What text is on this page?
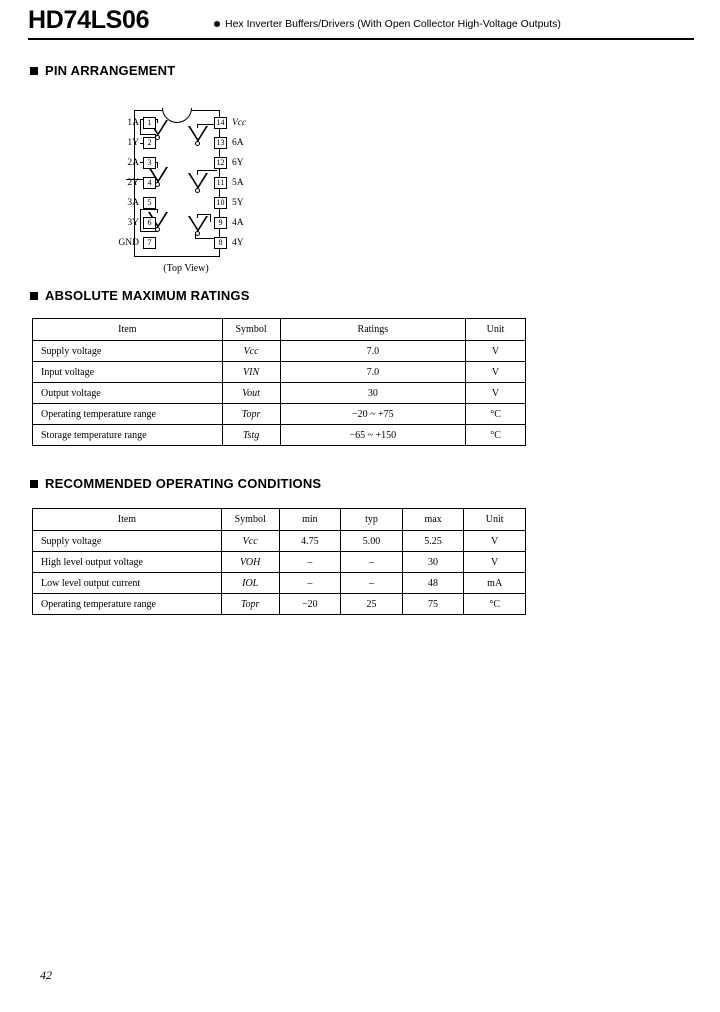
HD74LS06	Hex Inverter Buffers/Drivers (With Open Collector High-Voltage Outputs)
PIN ARRANGEMENT
1A	1
1Y	2
2A	3
2Y	4
3A	5
3Y	6
GND	7
14 Vcc
13 6A
12 6Y
11 5A
10 5Y
9	4A
8	4Y
(Top View)
ABSOLUTE MAXIMUM RATINGS
Item	Symbol	Ratings	Unit
Supply voltage	Vcc	7.0	V
Input voltage	VIN	7.0	V
Output voltage	Vout	30	V
Operating temperature range	Topr	−20 ~ +75	°C
Storage temperature range	Tstg	−65 ~ +150	°C
RECOMMENDED OPERATING CONDITIONS
Item	Symbol	min	typ	max	Unit
Supply voltage	Vcc	4.75	5.00	5.25	V
High level output voltage	VOH	–	–	30	V
Low level output current	IOL	–	–	48	mA
Operating temperature range	Topr	−20	25	75	°C
42
